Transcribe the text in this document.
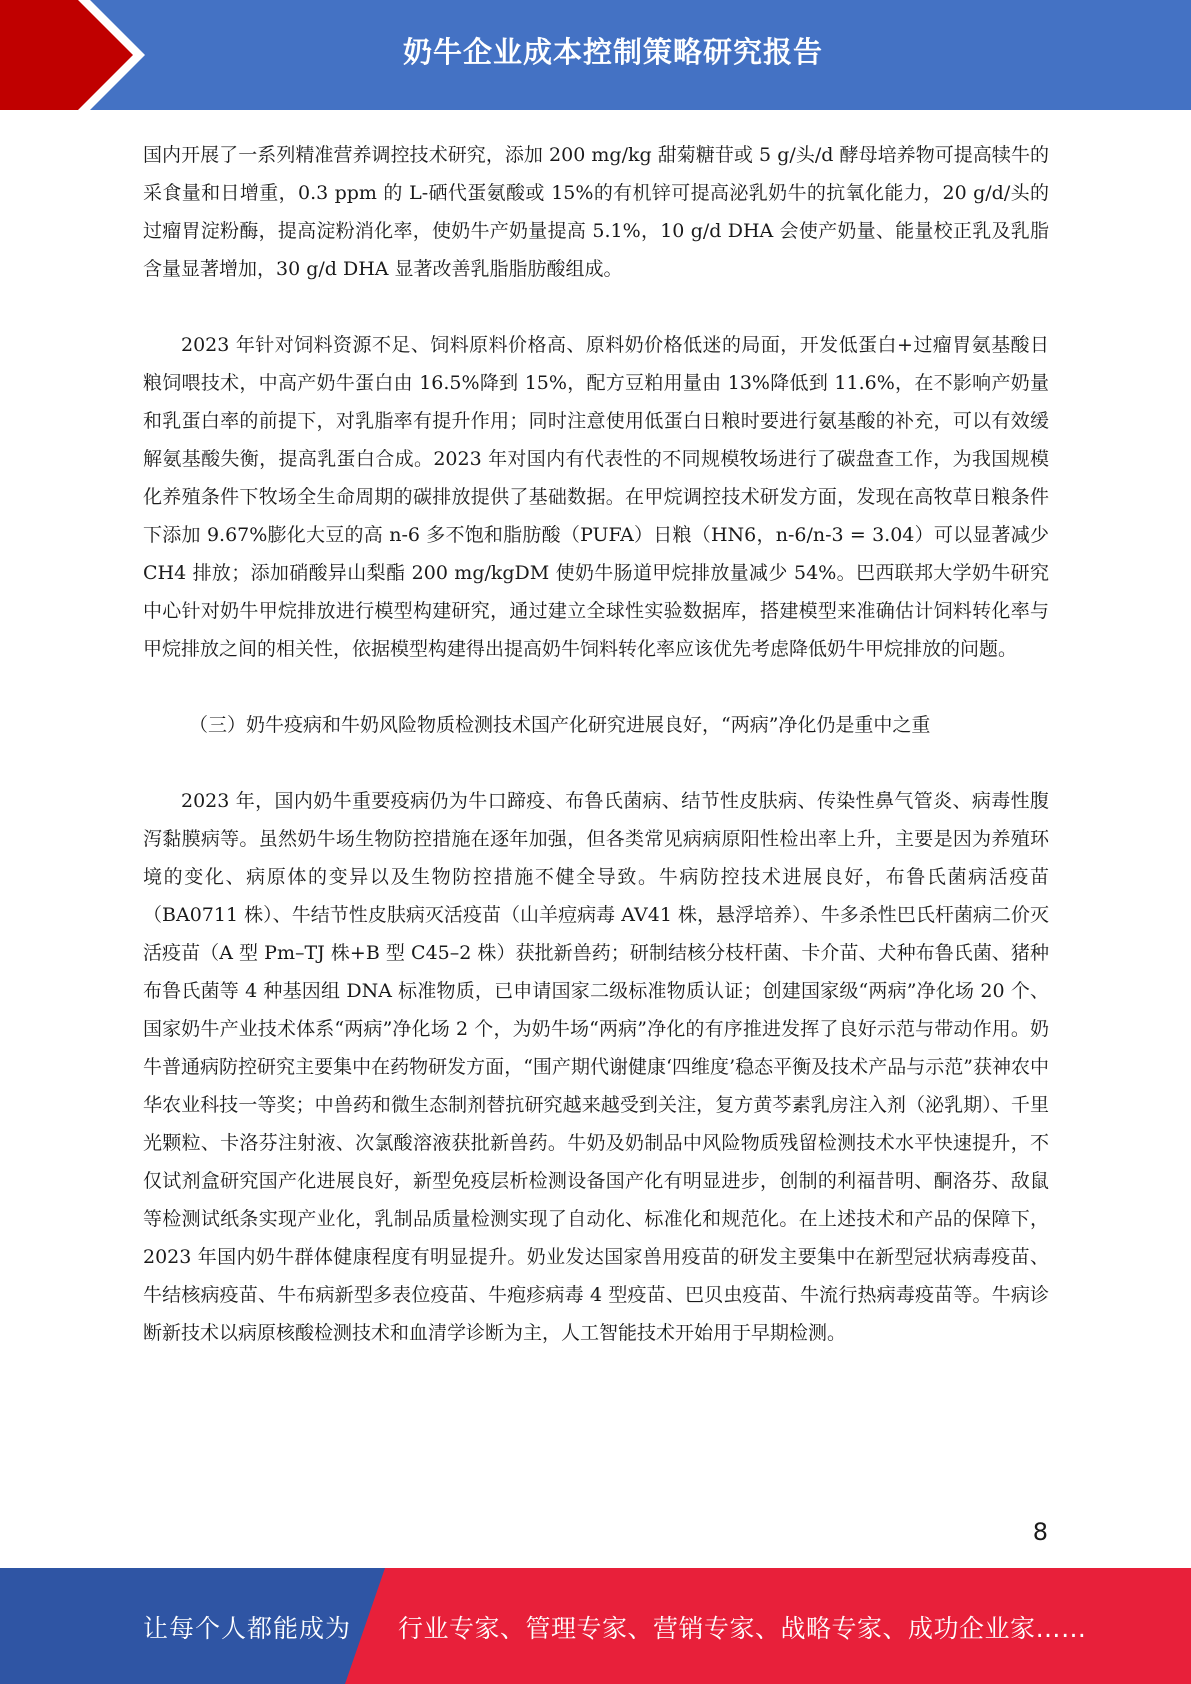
奶牛企业成本控制策略研究报告

国内开展了一系列精准营养调控技术研究，添加 200 mg/kg 甜菊糖苷或 5 g/头/d 酵母培养物可提高犊牛的采食量和日增重，0.3 ppm 的 L-硒代蛋氨酸或 15%的有机锌可提高泌乳奶牛的抗氧化能力，20 g/d/头的过瘤胃淀粉酶，提高淀粉消化率，使奶牛产奶量提高 5.1%，10 g/d DHA 会使产奶量、能量校正乳及乳脂含量显著增加，30 g/d DHA 显著改善乳脂脂肪酸组成。

2023 年针对饲料资源不足、饲料原料价格高、原料奶价格低迷的局面，开发低蛋白+过瘤胃氨基酸日粮饲喂技术，中高产奶牛蛋白由 16.5%降到 15%，配方豆粕用量由 13%降低到 11.6%，在不影响产奶量和乳蛋白率的前提下，对乳脂率有提升作用；同时注意使用低蛋白日粮时要进行氨基酸的补充，可以有效缓解氨基酸失衡，提高乳蛋白合成。2023 年对国内有代表性的不同规模牧场进行了碳盘查工作，为我国规模化养殖条件下牧场全生命周期的碳排放提供了基础数据。在甲烷调控技术研发方面，发现在高牧草日粮条件下添加 9.67%膨化大豆的高 n-6 多不饱和脂肪酸（PUFA）日粮（HN6，n-6/n-3 = 3.04）可以显著减少 CH4 排放；添加硝酸异山梨酯 200 mg/kgDM 使奶牛肠道甲烷排放量减少 54%。巴西联邦大学奶牛研究中心针对奶牛甲烷排放进行模型构建研究，通过建立全球性实验数据库，搭建模型来准确估计饲料转化率与甲烷排放之间的相关性，依据模型构建得出提高奶牛饲料转化率应该优先考虑降低奶牛甲烷排放的问题。

（三）奶牛疫病和牛奶风险物质检测技术国产化研究进展良好，“两病”净化仍是重中之重

2023 年，国内奶牛重要疫病仍为牛口蹄疫、布鲁氏菌病、结节性皮肤病、传染性鼻气管炎、病毒性腹泻黏膜病等。虽然奶牛场生物防控措施在逐年加强，但各类常见病病原阳性检出率上升，主要是因为养殖环境的变化、病原体的变异以及生物防控措施不健全导致。牛病防控技术进展良好，布鲁氏菌病活疫苗（BA0711 株）、牛结节性皮肤病灭活疫苗（山羊痘病毒 AV41 株，悬浮培养）、牛多杀性巴氏杆菌病二价灭活疫苗（A 型 Pm–TJ 株+B 型 C45–2 株）获批新兽药；研制结核分枝杆菌、卡介苗、犬种布鲁氏菌、猪种布鲁氏菌等 4 种基因组 DNA 标准物质，已申请国家二级标准物质认证；创建国家级“两病”净化场 20 个、国家奶牛产业技术体系“两病”净化场 2 个，为奶牛场“两病”净化的有序推进发挥了良好示范与带动作用。奶牛普通病防控研究主要集中在药物研发方面，“围产期代谢健康‘四维度’稳态平衡及技术产品与示范”获神农中华农业科技一等奖；中兽药和微生态制剂替抗研究越来越受到关注，复方黄芩素乳房注入剂（泌乳期）、千里光颗粒、卡洛芬注射液、次氯酸溶液获批新兽药。牛奶及奶制品中风险物质残留检测技术水平快速提升，不仅试剂盒研究国产化进展良好，新型免疫层析检测设备国产化有明显进步，创制的利福昔明、酮洛芬、敌鼠等检测试纸条实现产业化，乳制品质量检测实现了自动化、标准化和规范化。在上述技术和产品的保障下，2023 年国内奶牛群体健康程度有明显提升。奶业发达国家兽用疫苗的研发主要集中在新型冠状病毒疫苗、牛结核病疫苗、牛布病新型多表位疫苗、牛疱疹病毒 4 型疫苗、巴贝虫疫苗、牛流行热病毒疫苗等。牛病诊断新技术以病原核酸检测技术和血清学诊断为主，人工智能技术开始用于早期检测。

8
让每个人都能成为 行业专家、管理专家、营销专家、战略专家、成功企业家……
